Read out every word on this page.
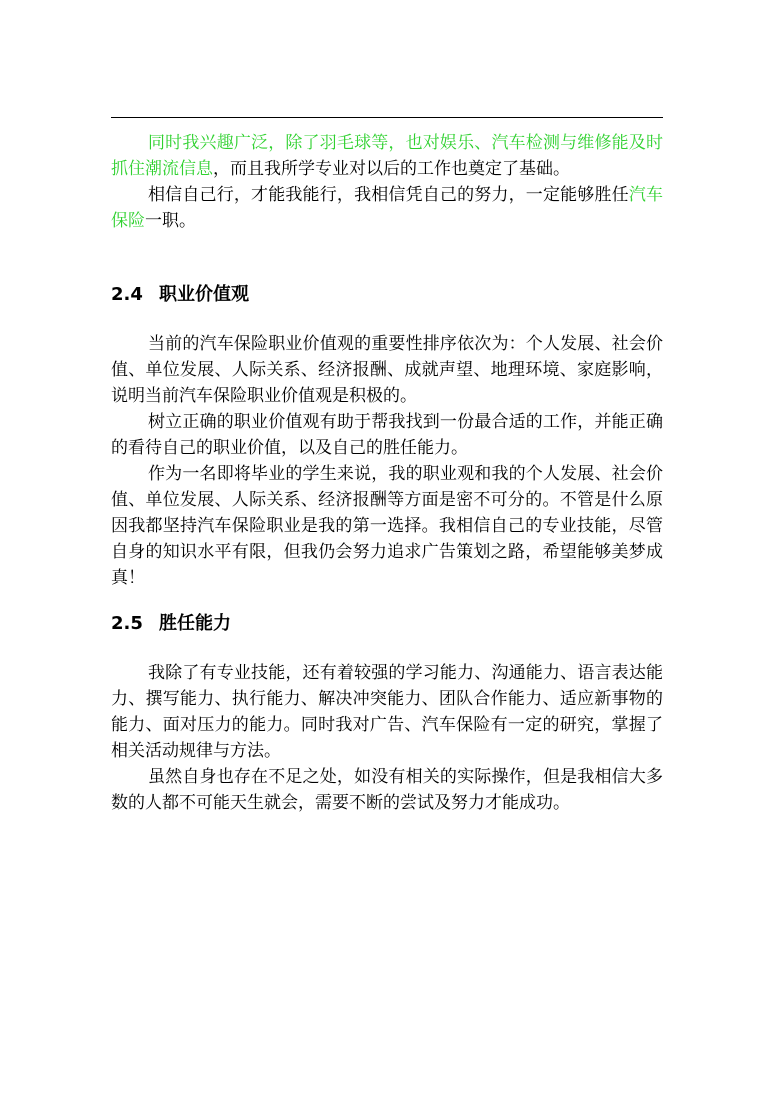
同时我兴趣广泛，除了羽毛球等，也对娱乐、汽车检测与维修能及时抓住潮流信息，而且我所学专业对以后的工作也奠定了基础。

相信自己行，才能我能行，我相信凭自己的努力，一定能够胜任汽车保险一职。

2.4 职业价值观

当前的汽车保险职业价值观的重要性排序依次为：个人发展、社会价值、单位发展、人际关系、经济报酬、成就声望、地理环境、家庭影响，说明当前汽车保险职业价值观是积极的。

树立正确的职业价值观有助于帮我找到一份最合适的工作，并能正确的看待自己的职业价值，以及自己的胜任能力。

作为一名即将毕业的学生来说，我的职业观和我的个人发展、社会价值、单位发展、人际关系、经济报酬等方面是密不可分的。不管是什么原因我都坚持汽车保险职业是我的第一选择。我相信自己的专业技能，尽管自身的知识水平有限，但我仍会努力追求广告策划之路，希望能够美梦成真！

2.5 胜任能力

我除了有专业技能，还有着较强的学习能力、沟通能力、语言表达能力、撰写能力、执行能力、解决冲突能力、团队合作能力、适应新事物的能力、面对压力的能力。同时我对广告、汽车保险有一定的研究，掌握了相关活动规律与方法。

虽然自身也存在不足之处，如没有相关的实际操作，但是我相信大多数的人都不可能天生就会，需要不断的尝试及努力才能成功。
